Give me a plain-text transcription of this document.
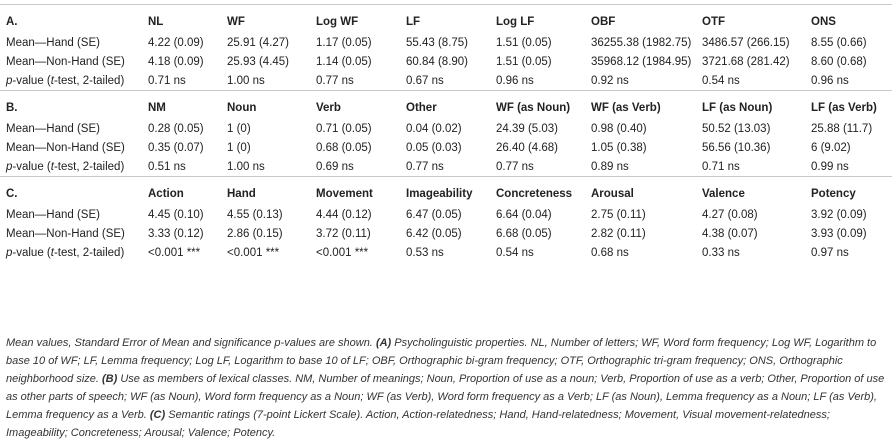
A.	NL	WF	Log WF	LF	Log LF	OBF	OTF	ONS
Mean—Hand (SE)	4.22 (0.09)	25.91 (4.27)	1.17 (0.05)	55.43 (8.75)	1.51 (0.05)	36255.38 (1982.75)	3486.57 (266.15)	8.55 (0.66)
Mean—Non-Hand (SE)	4.18 (0.09)	25.93 (4.45)	1.14 (0.05)	60.84 (8.90)	1.51 (0.05)	35968.12 (1984.95)	3721.68 (281.42)	8.60 (0.68)
p-value (t-test, 2-tailed)	0.71 ns	1.00 ns	0.77 ns	0.67 ns	0.96 ns	0.92 ns	0.54 ns	0.96 ns

B.	NM	Noun	Verb	Other	WF (as Noun)	WF (as Verb)	LF (as Noun)	LF (as Verb)
Mean—Hand (SE)	0.28 (0.05)	1 (0)	0.71 (0.05)	0.04 (0.02)	24.39 (5.03)	0.98 (0.40)	50.52 (13.03)	25.88 (11.7)
Mean—Non-Hand (SE)	0.35 (0.07)	1 (0)	0.68 (0.05)	0.05 (0.03)	26.40 (4.68)	1.05 (0.38)	56.56 (10.36)	6 (9.02)
p-value (t-test, 2-tailed)	0.51 ns	1.00 ns	0.69 ns	0.77 ns	0.77 ns	0.89 ns	0.71 ns	0.99 ns

C.	Action	Hand	Movement	Imageability	Concreteness	Arousal	Valence	Potency
Mean—Hand (SE)	4.45 (0.10)	4.55 (0.13)	4.44 (0.12)	6.47 (0.05)	6.64 (0.04)	2.75 (0.11)	4.27 (0.08)	3.92 (0.09)
Mean—Non-Hand (SE)	3.33 (0.12)	2.86 (0.15)	3.72 (0.11)	6.42 (0.05)	6.68 (0.05)	2.82 (0.11)	4.38 (0.07)	3.93 (0.09)
p-value (t-test, 2-tailed)	<0.001 ***	<0.001 ***	<0.001 ***	0.53 ns	0.54 ns	0.68 ns	0.33 ns	0.97 ns
Mean values, Standard Error of Mean and significance p-values are shown. (A) Psycholinguistic properties. NL, Number of letters; WF, Word form frequency; Log WF, Logarithm to base 10 of WF; LF, Lemma frequency; Log LF, Logarithm to base 10 of LF; OBF, Orthographic bi-gram frequency; OTF, Orthographic tri-gram frequency; ONS, Orthographic neighborhood size. (B) Use as members of lexical classes. NM, Number of meanings; Noun, Proportion of use as a noun; Verb, Proportion of use as a verb; Other, Proportion of use as other parts of speech; WF (as Noun), Word form frequency as a Noun; WF (as Verb), Word form frequency as a Verb; LF (as Noun), Lemma frequency as a Noun; LF (as Verb), Lemma frequency as a Verb. (C) Semantic ratings (7-point Lickert Scale). Action, Action-relatedness; Hand, Hand-relatedness; Movement, Visual movement-relatedness; Imageability; Concreteness; Arousal; Valence; Potency.
